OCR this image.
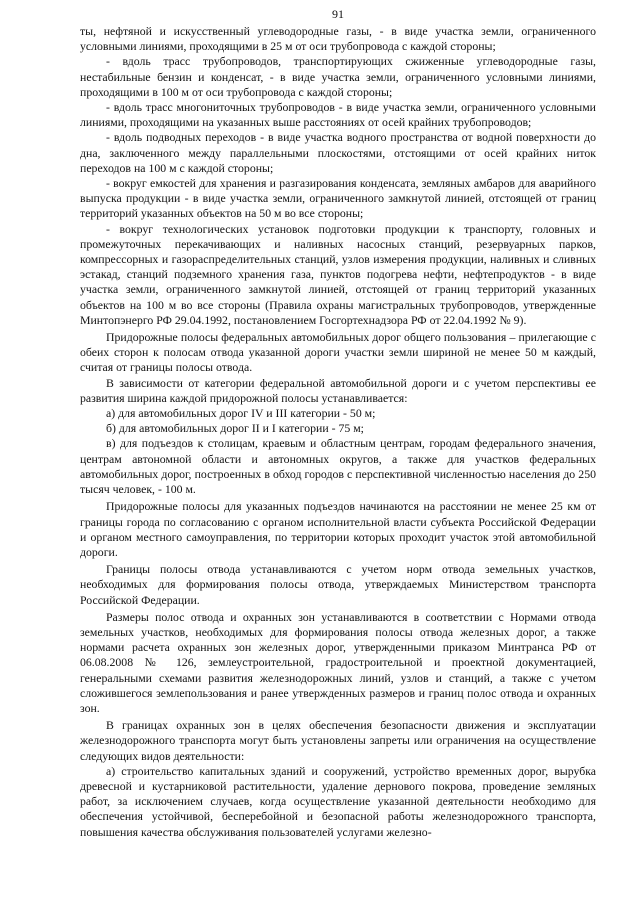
91

ты, нефтяной и искусственный углеводородные газы, - в виде участка земли, ограниченного условными линиями, проходящими в 25 м от оси трубопровода с каждой стороны;

- вдоль трасс трубопроводов, транспортирующих сжиженные углеводородные газы, нестабильные бензин и конденсат, - в виде участка земли, ограниченного условными линиями, проходящими в 100 м от оси трубопровода с каждой стороны;

- вдоль трасс многониточных трубопроводов - в виде участка земли, ограниченного условными линиями, проходящими на указанных выше расстояниях от осей крайних трубопроводов;

- вдоль подводных переходов - в виде участка водного пространства от водной поверхности до дна, заключенного между параллельными плоскостями, отстоящими от осей крайних ниток переходов на 100 м с каждой стороны;

- вокруг емкостей для хранения и разгазирования конденсата, земляных амбаров для аварийного выпуска продукции - в виде участка земли, ограниченного замкнутой линией, отстоящей от границ территорий указанных объектов на 50 м во все стороны;

- вокруг технологических установок подготовки продукции к транспорту, головных и промежуточных перекачивающих и наливных насосных станций, резервуарных парков, компрессорных и газораспределительных станций, узлов измерения продукции, наливных и сливных эстакад, станций подземного хранения газа, пунктов подогрева нефти, нефтепродуктов - в виде участка земли, ограниченного замкнутой линией, отстоящей от границ территорий указанных объектов на 100 м во все стороны (Правила охраны магистральных трубопроводов, утвержденные Минтопэнерго РФ 29.04.1992, постановлением Госгортехнадзора РФ от 22.04.1992 № 9).

Придорожные полосы федеральных автомобильных дорог общего пользования – прилегающие с обеих сторон к полосам отвода указанной дороги участки земли шириной не менее 50 м каждый, считая от границы полосы отвода.

В зависимости от категории федеральной автомобильной дороги и с учетом перспективы ее развития ширина каждой придорожной полосы устанавливается:

а) для автомобильных дорог IV и III категории - 50 м;

б) для автомобильных дорог II и I категории - 75 м;

в) для подъездов к столицам, краевым и областным центрам, городам федерального значения, центрам автономной области и автономных округов, а также для участков федеральных автомобильных дорог, построенных в обход городов с перспективной численностью населения до 250 тысяч человек, - 100 м.

Придорожные полосы для указанных подъездов начинаются на расстоянии не менее 25 км от границы города по согласованию с органом исполнительной власти субъекта Российской Федерации и органом местного самоуправления, по территории которых проходит участок этой автомобильной дороги.

Границы полосы отвода устанавливаются с учетом норм отвода земельных участков, необходимых для формирования полосы отвода, утверждаемых Министерством транспорта Российской Федерации.

Размеры полос отвода и охранных зон устанавливаются в соответствии с Нормами отвода земельных участков, необходимых для формирования полосы отвода железных дорог, а также нормами расчета охранных зон железных дорог, утвержденными приказом Минтранса РФ от 06.08.2008 № 126, землеустроительной, градостроительной и проектной документацией, генеральными схемами развития железнодорожных линий, узлов и станций, а также с учетом сложившегося землепользования и ранее утвержденных размеров и границ полос отвода и охранных зон.

В границах охранных зон в целях обеспечения безопасности движения и эксплуатации железнодорожного транспорта могут быть установлены запреты или ограничения на осуществление следующих видов деятельности:

а) строительство капитальных зданий и сооружений, устройство временных дорог, вырубка древесной и кустарниковой растительности, удаление дернового покрова, проведение земляных работ, за исключением случаев, когда осуществление указанной деятельности необходимо для обеспечения устойчивой, бесперебойной и безопасной работы железнодорожного транспорта, повышения качества обслуживания пользователей услугами железно-
